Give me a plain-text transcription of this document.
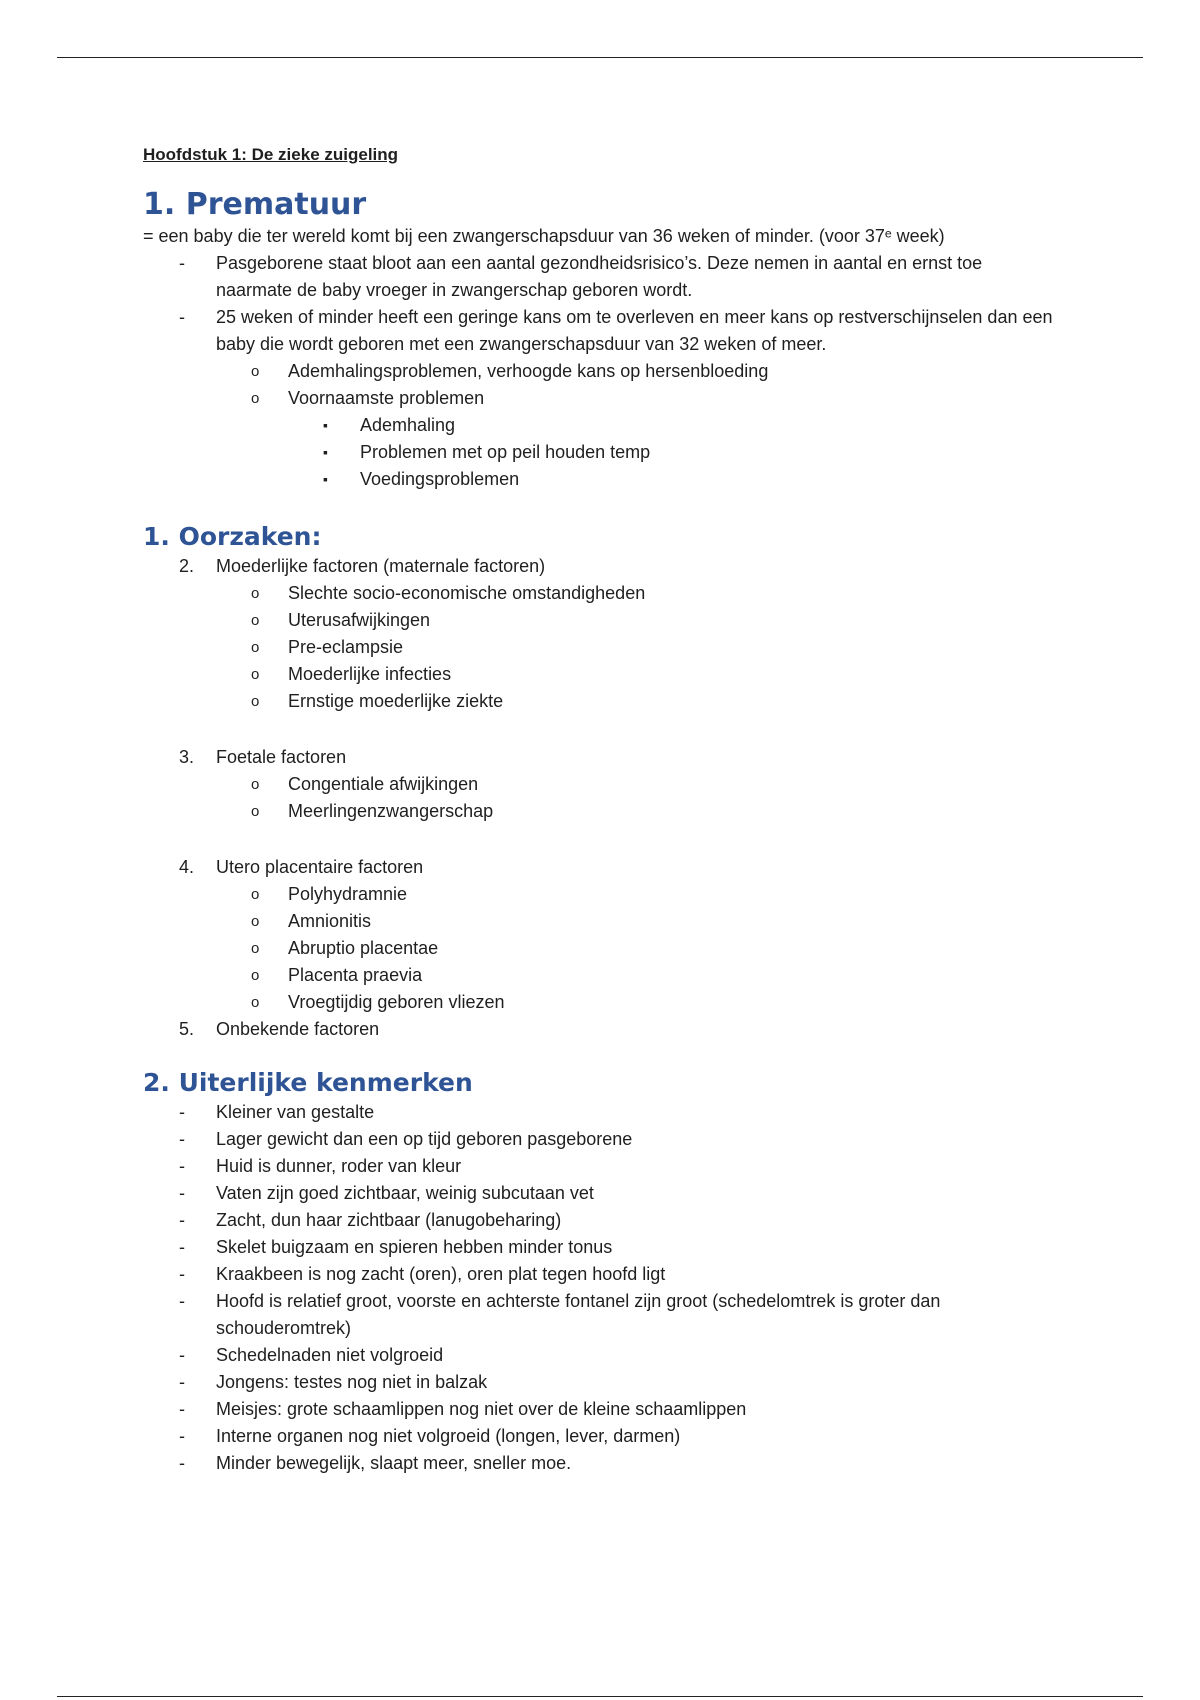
Hoofdstuk 1: De zieke zuigeling

1. Prematuur

= een baby die ter wereld komt bij een zwangerschapsduur van 36 weken of minder. (voor 37ᵉ week)

- Pasgeborene staat bloot aan een aantal gezondheidsrisico’s. Deze nemen in aantal en ernst toe naarmate de baby vroeger in zwangerschap geboren wordt.
- 25 weken of minder heeft een geringe kans om te overleven en meer kans op restverschijnselen dan een baby die wordt geboren met een zwangerschapsduur van 32 weken of meer.
o Ademhalingsproblemen, verhoogde kans op hersenbloeding
o Voornaamste problemen
▪ Ademhaling
▪ Problemen met op peil houden temp
▪ Voedingsproblemen
1. Oorzaken:
2. Moederlijke factoren (maternale factoren)
o Slechte socio-economische omstandigheden
o Uterusafwijkingen
o Pre-eclampsie
o Moederlijke infecties
o Ernstige moederlijke ziekte
3. Foetale factoren
o Congentiale afwijkingen
o Meerlingenzwangerschap
4. Utero placentaire factoren
o Polyhydramnie
o Amnionitis
o Abruptio placentae
o Placenta praevia
o Vroegtijdig geboren vliezen
5. Onbekende factoren
2. Uiterlijke kenmerken
- Kleiner van gestalte
- Lager gewicht dan een op tijd geboren pasgeborene
- Huid is dunner, roder van kleur
- Vaten zijn goed zichtbaar, weinig subcutaan vet
- Zacht, dun haar zichtbaar (lanugobeharing)
- Skelet buigzaam en spieren hebben minder tonus
- Kraakbeen is nog zacht (oren), oren plat tegen hoofd ligt
- Hoofd is relatief groot, voorste en achterste fontanel zijn groot (schedelomtrek is groter dan schouderomtrek)
- Schedelnaden niet volgroeid
- Jongens: testes nog niet in balzak
- Meisjes: grote schaamlippen nog niet over de kleine schaamlippen
- Interne organen nog niet volgroeid (longen, lever, darmen)
- Minder bewegelijk, slaapt meer, sneller moe.
